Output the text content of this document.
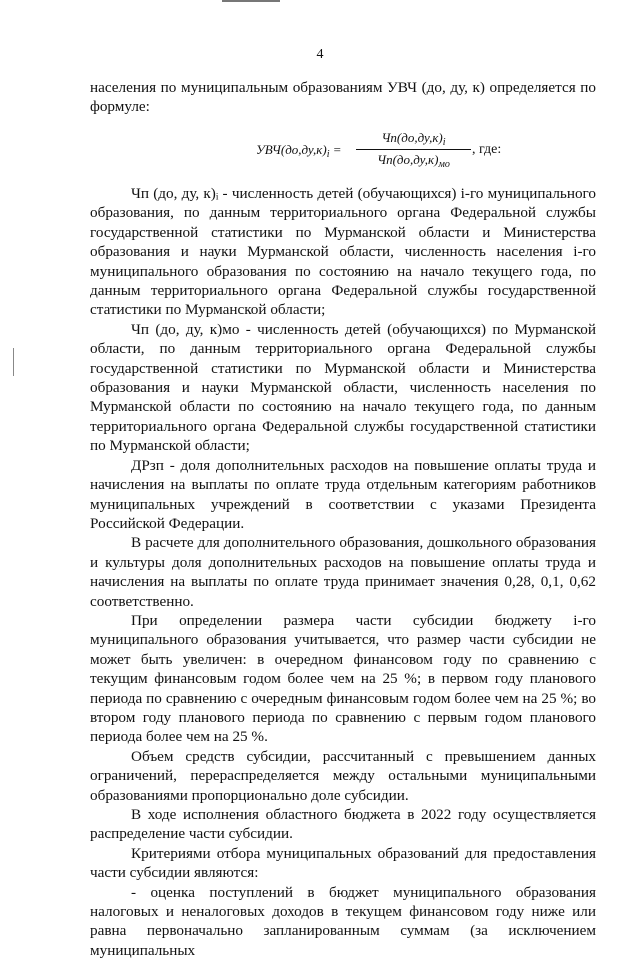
4

населения по муниципальным образованиям УВЧ (до, ду, к) определяется по формуле:

$УВЧ(до,ду,к)_i$ =
$Чп(до,ду,к)_i$
$Чп(до,ду,к)_{мо}$
, где:

Чп (до, ду, к)ᵢ - численность детей (обучающихся) i-го муниципального образования, по данным территориального органа Федеральной службы государственной статистики по Мурманской области и Министерства образования и науки Мурманской области, численность населения i-го муниципального образования по состоянию на начало текущего года, по данным территориального органа Федеральной службы государственной статистики по Мурманской области;

Чп (до, ду, к)мо - численность детей (обучающихся) по Мурманской области, по данным территориального органа Федеральной службы государственной статистики по Мурманской области и Министерства образования и науки Мурманской области, численность населения по Мурманской области по состоянию на начало текущего года, по данным территориального органа Федеральной службы государственной статистики по Мурманской области;

ДРзп - доля дополнительных расходов на повышение оплаты труда и начисления на выплаты по оплате труда отдельным категориям работников муниципальных учреждений в соответствии с указами Президента Российской Федерации.

В расчете для дополнительного образования, дошкольного образования и культуры доля дополнительных расходов на повышение оплаты труда и начисления на выплаты по оплате труда принимает значения 0,28, 0,1, 0,62 соответственно.

При определении размера части субсидии бюджету i-го муниципального образования учитывается, что размер части субсидии не может быть увеличен: в очередном финансовом году по сравнению с текущим финансовым годом более чем на 25 %; в первом году планового периода по сравнению с очередным финансовым годом более чем на 25 %; во втором году планового периода по сравнению с первым годом планового периода более чем на 25 %.

Объем средств субсидии, рассчитанный с превышением данных ограничений, перераспределяется между остальными муниципальными образованиями пропорционально доле субсидии.

В ходе исполнения областного бюджета в 2022 году осуществляется распределение части субсидии.

Критериями отбора муниципальных образований для предоставления части субсидии являются:

- оценка поступлений в бюджет муниципального образования налоговых и неналоговых доходов в текущем финансовом году ниже или равна первоначально запланированным суммам (за исключением муниципальных
